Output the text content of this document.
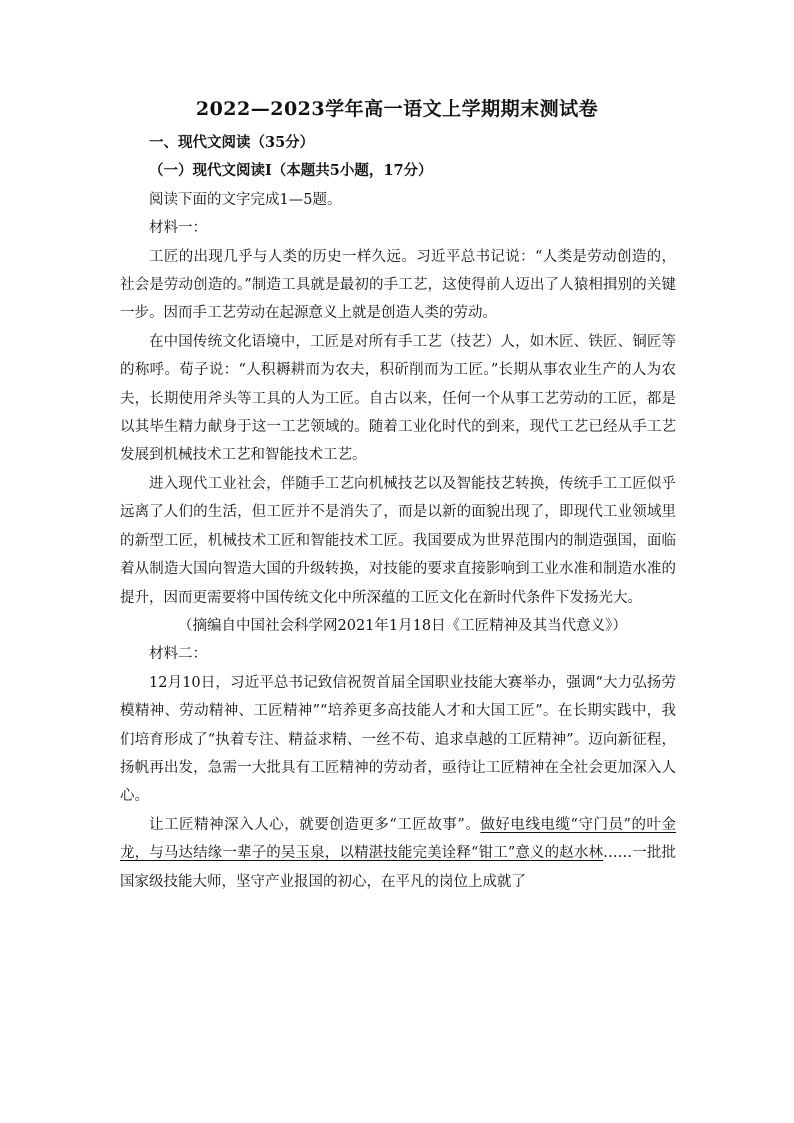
2022—2023学年高一语文上学期期末测试卷

一、现代文阅读（35分）

（一）现代文阅读Ⅰ（本题共5小题，17分）

阅读下面的文字完成1—5题。

材料一：

工匠的出现几乎与人类的历史一样久远。习近平总书记说：“人类是劳动创造的，社会是劳动创造的。”制造工具就是最初的手工艺，这使得前人迈出了人猿相揖别的关键一步。因而手工艺劳动在起源意义上就是创造人类的劳动。

在中国传统文化语境中，工匠是对所有手工艺（技艺）人，如木匠、铁匠、铜匠等的称呼。荀子说：“人积耨耕而为农夫，积斫削而为工匠。”长期从事农业生产的人为农夫，长期使用斧头等工具的人为工匠。自古以来，任何一个从事工艺劳动的工匠，都是以其毕生精力献身于这一工艺领域的。随着工业化时代的到来，现代工艺已经从手工艺发展到机械技术工艺和智能技术工艺。

进入现代工业社会，伴随手工艺向机械技艺以及智能技艺转换，传统手工工匠似乎远离了人们的生活，但工匠并不是消失了，而是以新的面貌出现了，即现代工业领域里的新型工匠，机械技术工匠和智能技术工匠。我国要成为世界范围内的制造强国，面临着从制造大国向智造大国的升级转换，对技能的要求直接影响到工业水准和制造水准的提升，因而更需要将中国传统文化中所深蕴的工匠文化在新时代条件下发扬光大。

（摘编自中国社会科学网2021年1月18日《工匠精神及其当代意义》）

材料二：

12月10日，习近平总书记致信祝贺首届全国职业技能大赛举办，强调“大力弘扬劳模精神、劳动精神、工匠精神”“培养更多高技能人才和大国工匠”。在长期实践中，我们培育形成了“执着专注、精益求精、一丝不苟、追求卓越的工匠精神”。迈向新征程，扬帆再出发，急需一大批具有工匠精神的劳动者，亟待让工匠精神在全社会更加深入人心。

让工匠精神深入人心，就要创造更多“工匠故事”。做好电线电缆“守门员”的叶金龙，与马达结缘一辈子的吴玉泉，以精湛技能完美诠释“钳工”意义的赵水林……一批批国家级技能大师，坚守产业报国的初心，在平凡的岗位上成就了
